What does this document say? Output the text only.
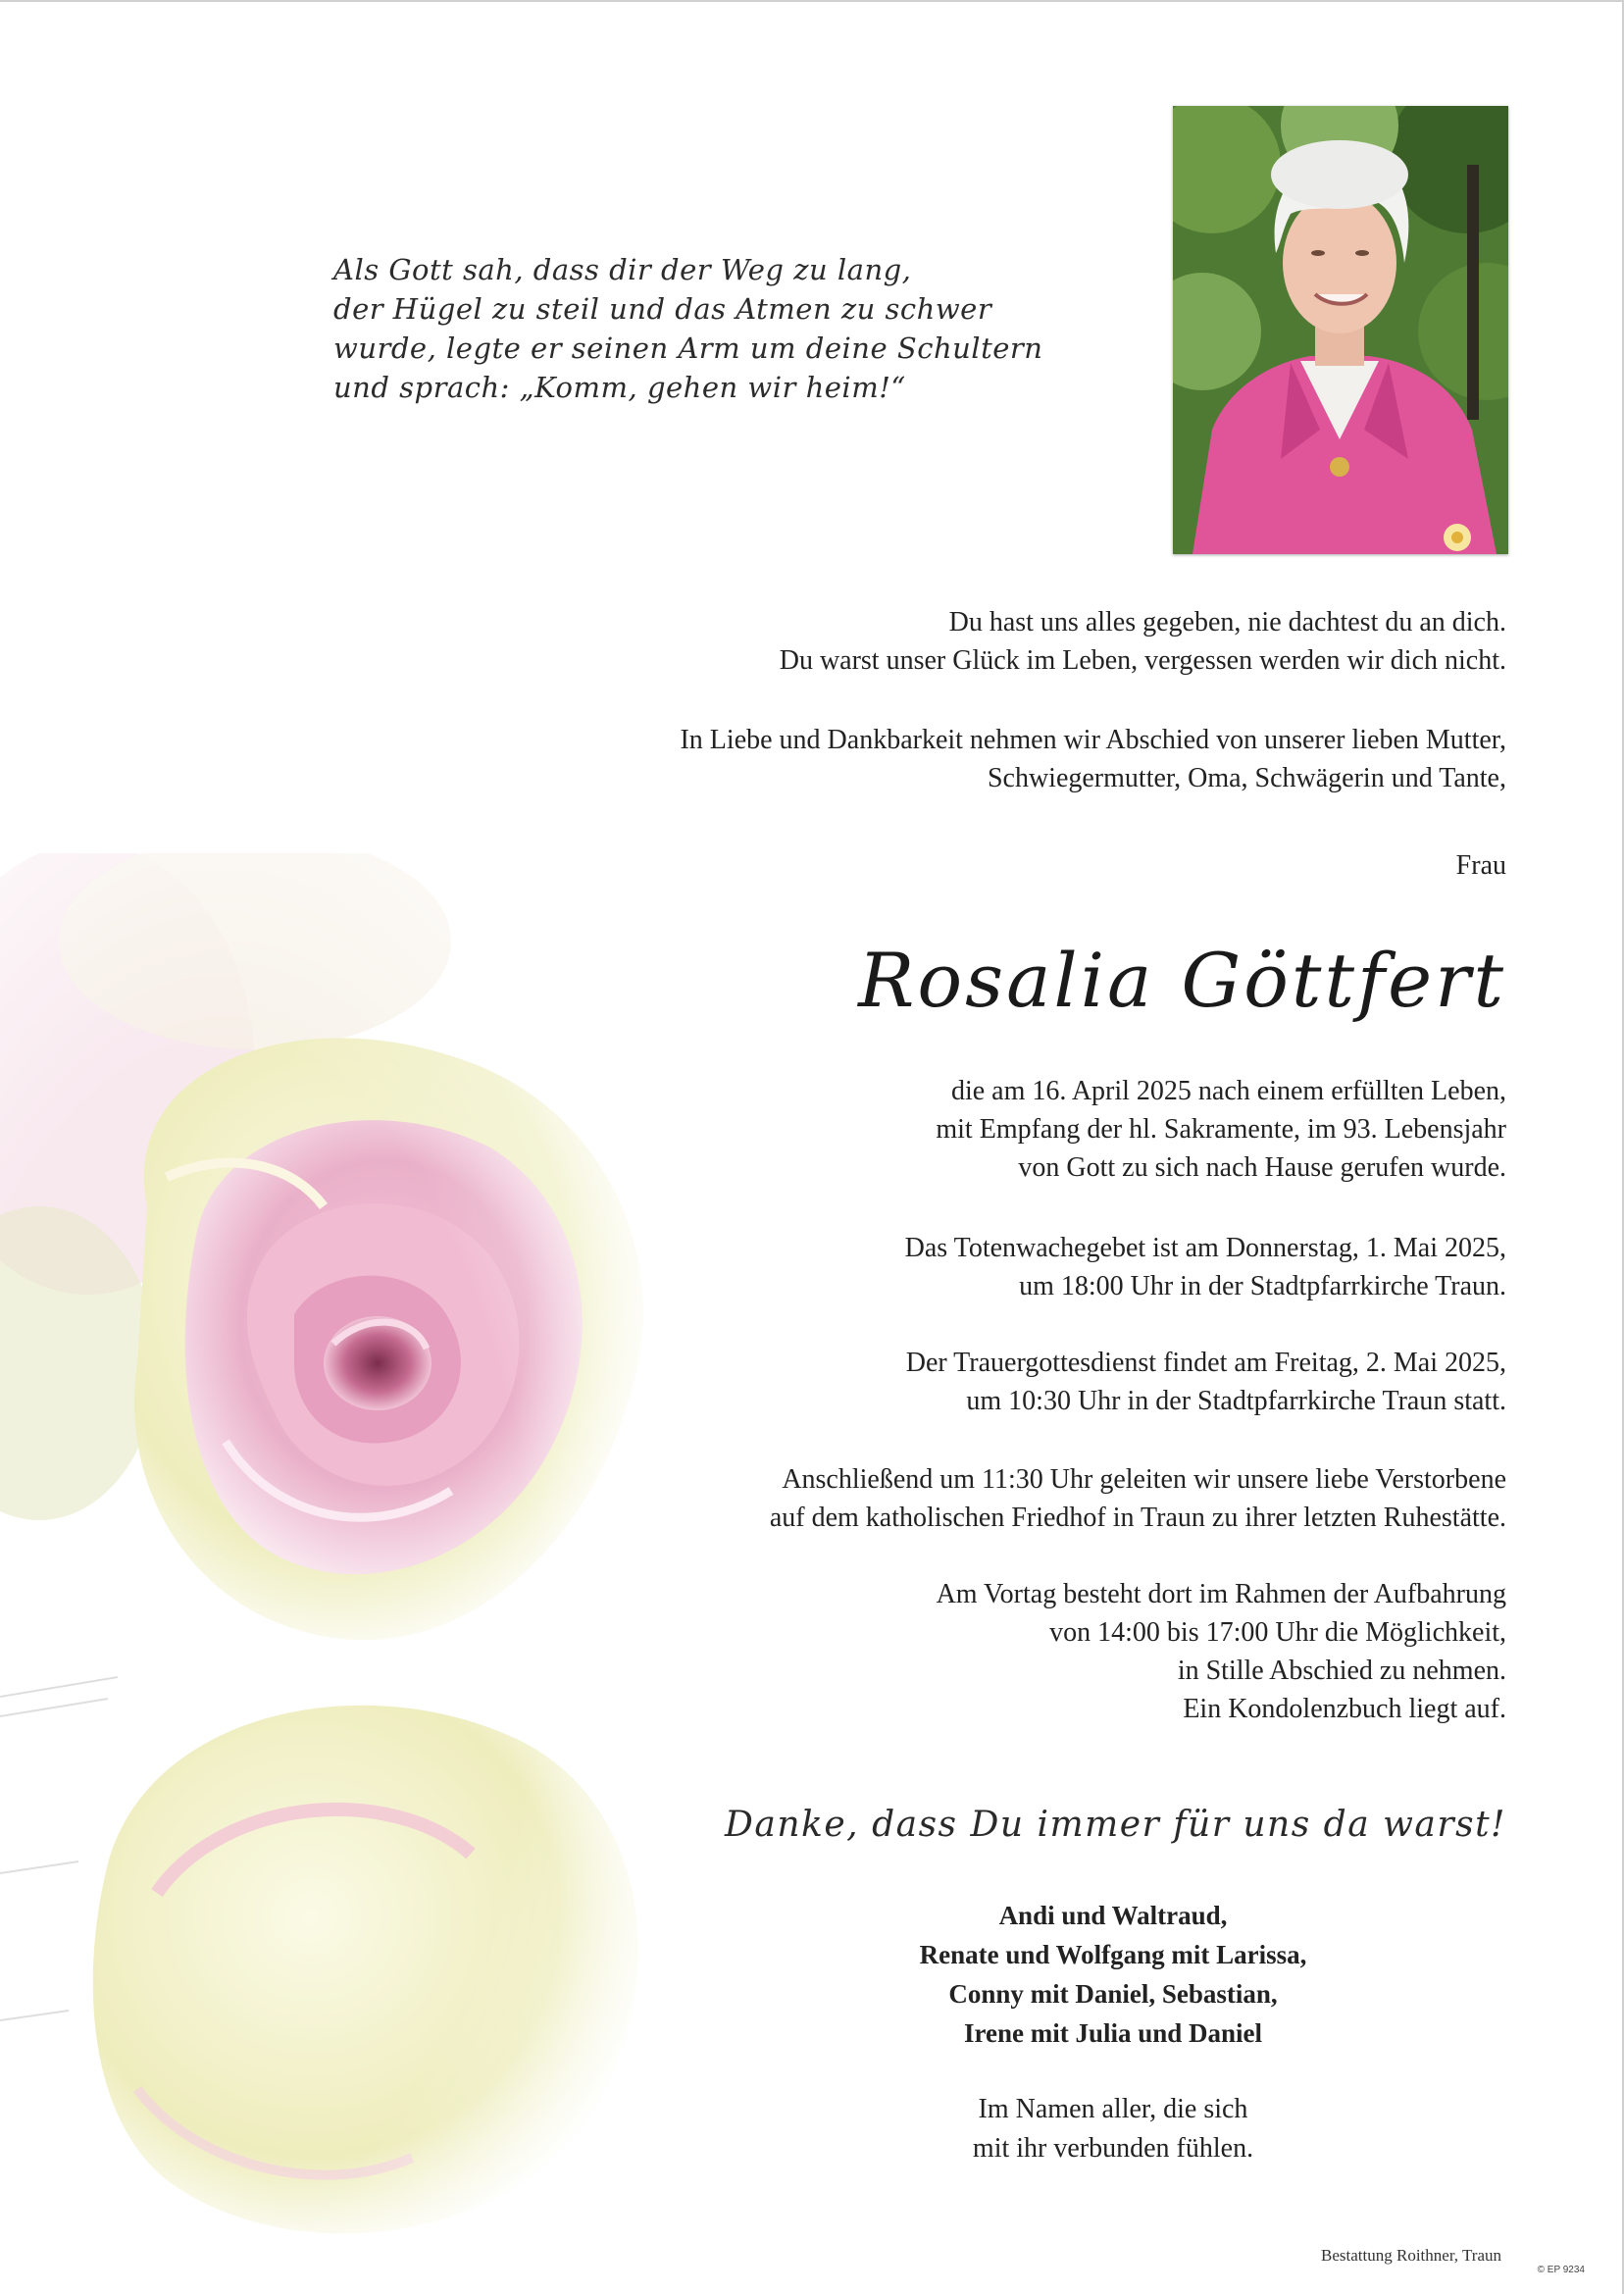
Als Gott sah, dass dir der Weg zu lang,
der Hügel zu steil und das Atmen zu schwer
wurde, legte er seinen Arm um deine Schultern
und sprach: „Komm, gehen wir heim!“
Du hast uns alles gegeben, nie dachtest du an dich.
Du warst unser Glück im Leben, vergessen werden wir dich nicht.
In Liebe und Dankbarkeit nehmen wir Abschied von unserer lieben Mutter,
Schwiegermutter, Oma, Schwägerin und Tante,
Frau
Rosalia Göttfert
die am 16. April 2025 nach einem erfüllten Leben,
mit Empfang der hl. Sakramente, im 93. Lebensjahr
von Gott zu sich nach Hause gerufen wurde.
Das Totenwachegebet ist am Donnerstag, 1. Mai 2025,
um 18:00 Uhr in der Stadtpfarrkirche Traun.
Der Trauergottesdienst findet am Freitag, 2. Mai 2025,
um 10:30 Uhr in der Stadtpfarrkirche Traun statt.
Anschließend um 11:30 Uhr geleiten wir unsere liebe Verstorbene
auf dem katholischen Friedhof in Traun zu ihrer letzten Ruhestätte.
Am Vortag besteht dort im Rahmen der Aufbahrung
von 14:00 bis 17:00 Uhr die Möglichkeit,
in Stille Abschied zu nehmen.
Ein Kondolenzbuch liegt auf.
Danke, dass Du immer für uns da warst!
Andi und Waltraud,
Renate und Wolfgang mit Larissa,
Conny mit Daniel, Sebastian,
Irene mit Julia und Daniel
Im Namen aller, die sich
mit ihr verbunden fühlen.
Bestattung Roithner, Traun
© EP 9234
